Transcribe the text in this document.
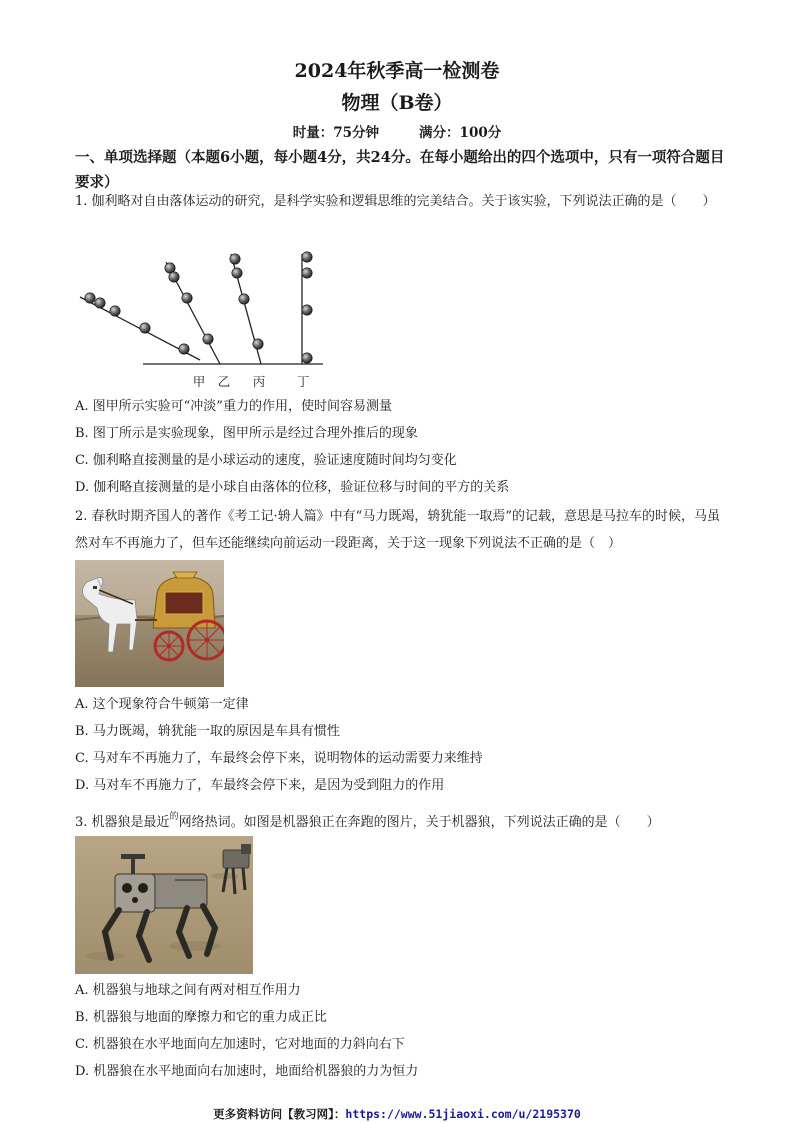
2024年秋季高一检测卷
物理（B卷）
时量：75分钟	满分：100分
一、单项选择题（本题6小题，每小题4分，共24分。在每小题给出的四个选项中，只有一项符合题目要求）
1. 伽利略对自由落体运动的研究，是科学实验和逻辑思维的完美结合。关于该实验，下列说法正确的是（　　）
甲 乙 丙	丁
A. 图甲所示实验可“冲淡”重力的作用，使时间容易测量
B. 图丁所示是实验现象，图甲所示是经过合理外推后的现象
C. 伽利略直接测量的是小球运动的速度，验证速度随时间均匀变化
D. 伽利略直接测量的是小球自由落体的位移，验证位移与时间的平方的关系
2. 春秋时期齐国人的著作《考工记·辀人篇》中有“马力既竭，辀犹能一取焉”的记载，意思是马拉车的时候，马虽然对车不再施力了，但车还能继续向前运动一段距离，关于这一现象下列说法不正确的是（　）
A. 这个现象符合牛顿第一定律
B. 马力既竭，辀犹能一取的原因是车具有惯性
C. 马对车不再施力了，车最终会停下来，说明物体的运动需要力来维持
D. 马对车不再施力了，车最终会停下来，是因为受到阻力的作用
3. 机器狼是最近$^的$网络热词。如图是机器狼正在奔跑的图片，关于机器狼，下列说法正确的是（　　）
A. 机器狼与地球之间有两对相互作用力
B. 机器狼与地面的摩擦力和它的重力成正比
C. 机器狼在水平地面向左加速时，它对地面的力斜向右下
D. 机器狼在水平地面向右加速时，地面给机器狼的力为恒力
更多资料访问【教习网】：https://www.51jiaoxi.com/u/2195370
